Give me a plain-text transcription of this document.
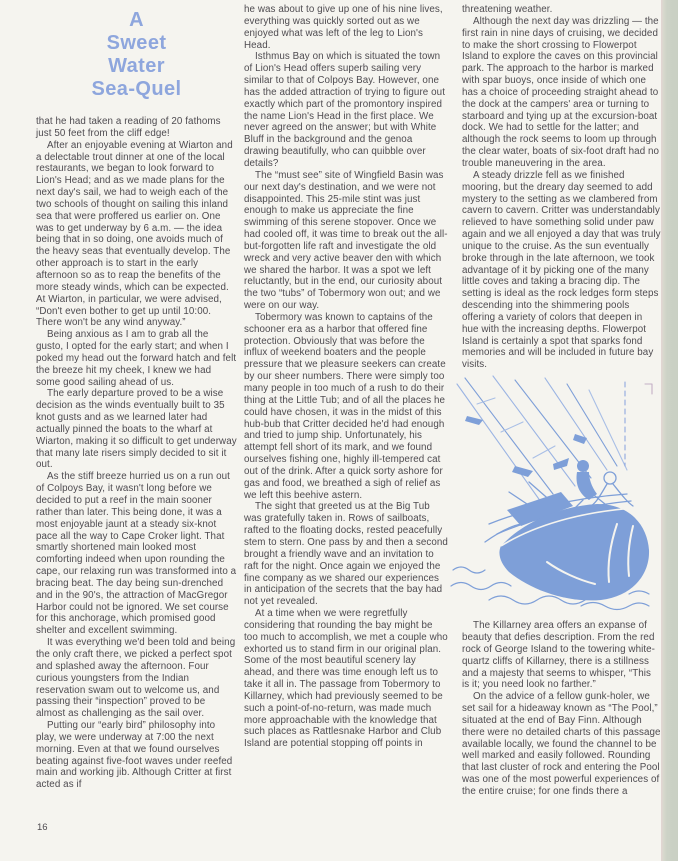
A
Sweet
Water
Sea-Quel

that he had taken a reading of 20 fathoms just 50 feet from the cliff edge!

After an enjoyable evening at Wiarton and a delectable trout dinner at one of the local restaurants, we began to look forward to Lion's Head; and as we made plans for the next day's sail, we had to weigh each of the two schools of thought on sailing this inland sea that were proffered us earlier on. One was to get underway by 6 a.m. — the idea being that in so doing, one avoids much of the heavy seas that eventually develop. The other approach is to start in the early afternoon so as to reap the benefits of the more steady winds, which can be expected. At Wiarton, in particular, we were advised, “Don't even bother to get up until 10:00. There won't be any wind anyway.”

Being anxious as I am to grab all the gusto, I opted for the early start; and when I poked my head out the forward hatch and felt the breeze hit my cheek, I knew we had some good sailing ahead of us.

The early departure proved to be a wise decision as the winds eventually built to 35 knot gusts and as we learned later had actually pinned the boats to the wharf at Wiarton, making it so difficult to get underway that many late risers simply decided to sit it out.

As the stiff breeze hurried us on a run out of Colpoys Bay, it wasn't long before we decided to put a reef in the main sooner rather than later. This being done, it was a most enjoyable jaunt at a steady six-knot pace all the way to Cape Croker light. That smartly shortened main looked most comforting indeed when upon rounding the cape, our relaxing run was transformed into a bracing beat. The day being sun-drenched and in the 90's, the attraction of MacGregor Harbor could not be ignored. We set course for this anchorage, which promised good shelter and excellent swimming.

It was everything we'd been told and being the only craft there, we picked a perfect spot and splashed away the afternoon. Four curious youngsters from the Indian reservation swam out to welcome us, and passing their “inspection” proved to be almost as challenging as the sail over.

Putting our “early bird” philosophy into play, we were underway at 7:00 the next morning. Even at that we found ourselves beating against five-foot waves under reefed main and working jib. Although Critter at first acted as if

he was about to give up one of his nine lives, everything was quickly sorted out as we enjoyed what was left of the leg to Lion's Head.

Isthmus Bay on which is situated the town of Lion's Head offers superb sailing very similar to that of Colpoys Bay. However, one has the added attraction of trying to figure out exactly which part of the promontory inspired the name Lion's Head in the first place. We never agreed on the answer; but with White Bluff in the background and the genoa drawing beautifully, who can quibble over details?

The “must see” site of Wingfield Basin was our next day's destination, and we were not disappointed. This 25-mile stint was just enough to make us appreciate the fine swimming of this serene stopover. Once we had cooled off, it was time to break out the all-but-forgotten life raft and investigate the old wreck and very active beaver den with which we shared the harbor. It was a spot we left reluctantly, but in the end, our curiosity about the two “tubs” of Tobermory won out; and we were on our way.

Tobermory was known to captains of the schooner era as a harbor that offered fine protection. Obviously that was before the influx of weekend boaters and the people pressure that we pleasure seekers can create by our sheer numbers. There were simply too many people in too much of a rush to do their thing at the Little Tub; and of all the places he could have chosen, it was in the midst of this hub-bub that Critter decided he'd had enough and tried to jump ship. Unfortunately, his attempt fell short of its mark, and we found ourselves fishing one, highly ill-tempered cat out of the drink. After a quick sorty ashore for gas and food, we breathed a sigh of relief as we left this beehive astern.

The sight that greeted us at the Big Tub was gratefully taken in. Rows of sailboats, rafted to the floating docks, rested peacefully stem to stern. One pass by and then a second brought a friendly wave and an invitation to raft for the night. Once again we enjoyed the fine company as we shared our experiences in anticipation of the secrets that the bay had not yet revealed.

At a time when we were regretfully considering that rounding the bay might be too much to accomplish, we met a couple who exhorted us to stand firm in our original plan. Some of the most beautiful scenery lay ahead, and there was time enough left us to take it all in. The passage from Tobermory to Killarney, which had previously seemed to be such a point-of-no-return, was made much more approachable with the knowledge that such places as Rattlesnake Harbor and Club Island are potential stopping off points in

threatening weather.

Although the next day was drizzling — the first rain in nine days of cruising, we decided to make the short crossing to Flowerpot Island to explore the caves on this provincial park. The approach to the harbor is marked with spar buoys, once inside of which one has a choice of proceeding straight ahead to the dock at the campers' area or turning to starboard and tying up at the excursion-boat dock. We had to settle for the latter; and although the rock seems to loom up through the clear water, boats of six-foot draft had no trouble maneuvering in the area.

A steady drizzle fell as we finished mooring, but the dreary day seemed to add mystery to the setting as we clambered from cavern to cavern. Critter was understandably relieved to have something solid under paw again and we all enjoyed a day that was truly unique to the cruise. As the sun eventually broke through in the late afternoon, we took advantage of it by picking one of the many little coves and taking a bracing dip. The setting is ideal as the rock ledges form steps descending into the shimmering pools offering a variety of colors that deepen in hue with the increasing depths. Flowerpot Island is certainly a spot that sparks fond memories and will be included in future bay visits.

The Killarney area offers an expanse of beauty that defies description. From the red rock of George Island to the towering white-quartz cliffs of Killarney, there is a stillness and a majesty that seems to whisper, “This is it; you need look no farther.”

On the advice of a fellow gunk-holer, we set sail for a hideaway known as “The Pool,” situated at the end of Bay Finn. Although there were no detailed charts of this passage available locally, we found the channel to be well marked and easily followed. Rounding that last cluster of rock and entering the Pool was one of the most powerful experiences of the entire cruise; for one finds there a

16
